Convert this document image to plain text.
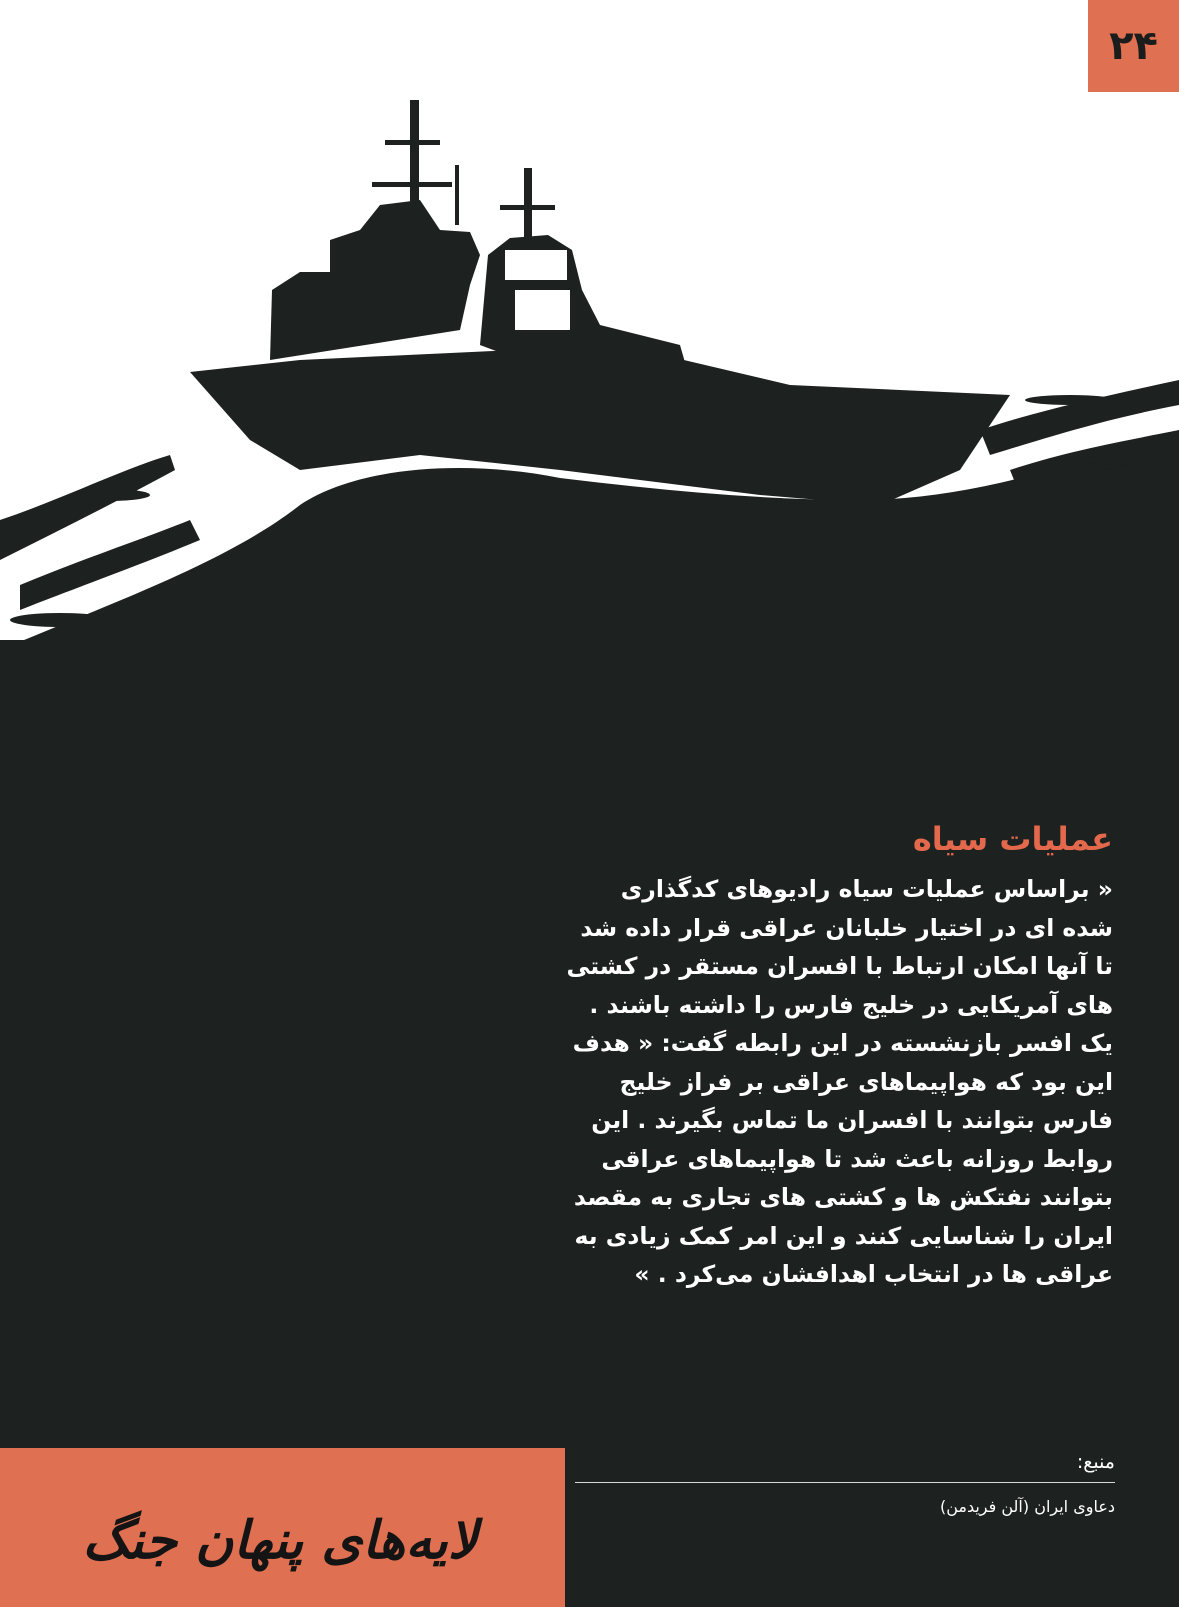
۲۴
عملیات سیاه
« براساس عملیات سیاه رادیوهای کدگذاری
شده ای در اختیار خلبانان عراقی قرار داده شد
تا آنها امکان ارتباط با افسران مستقر در کشتی
های آمریکایی در خلیج فارس را داشته باشند .
یک افسر بازنشسته در این رابطه گفت: « هدف
این بود که هواپیماهای عراقی بر فراز خلیج
فارس بتوانند با افسران ما تماس بگیرند . این
روابط روزانه باعث شد تا هواپیماهای عراقی
بتوانند نفتکش ها و کشتی های تجاری به مقصد
ایران را شناسایی کنند و این امر کمک زیادی به
عراقی ها در انتخاب اهدافشان می‌کرد . »
منبع:
دعاوی ایران (آلن فریدمن)
لایه‌های پنهان جنگ
